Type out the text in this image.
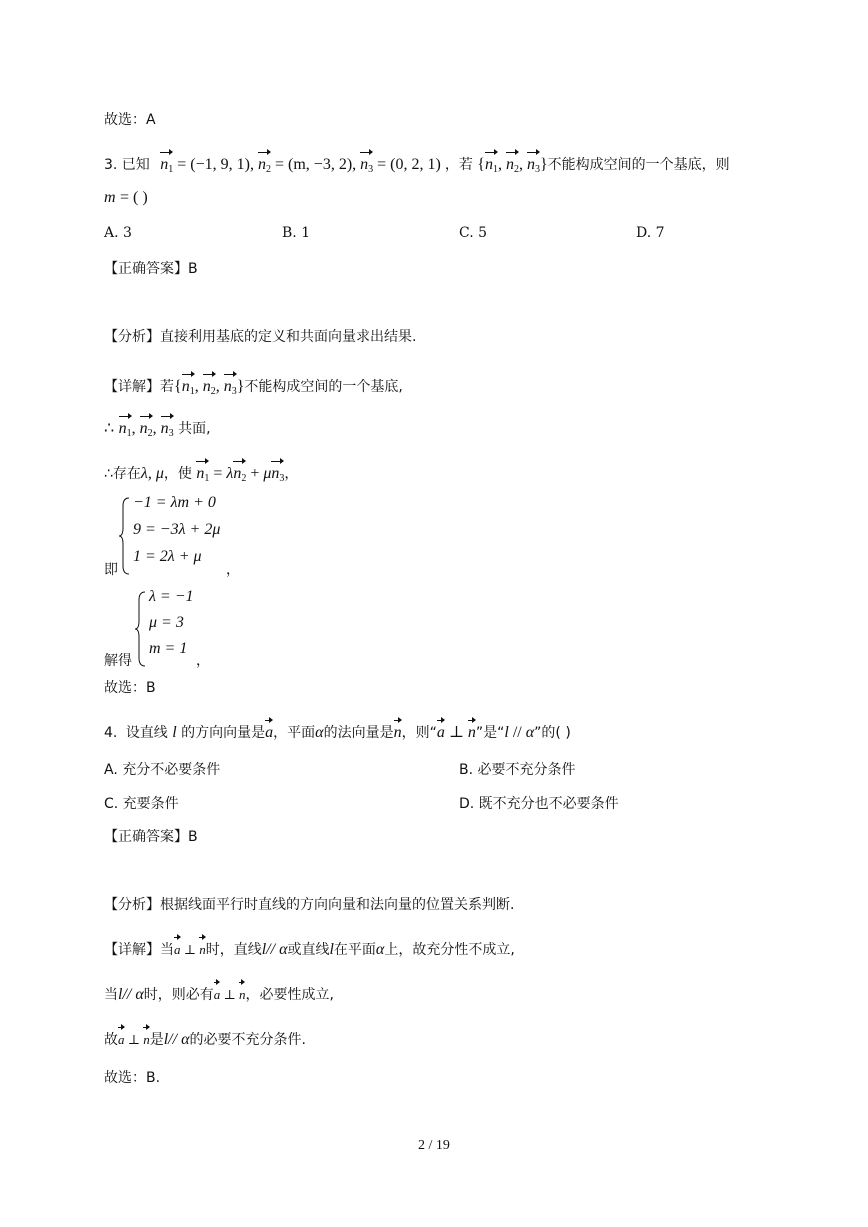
故选：A
3. 已知 $n_1 = (-1$, 9, 1), $n_2 = (m$, −3, 2), $n_3 = (0$, 2, 1) ，若 {$n_1$, $n_2$, $n_3$}不能构成空间的一个基底，则
m = ( )
A. 3	B. 1	C. 5	D. 7
【正确答案】B
【分析】直接利用基底的定义和共面向量求出结果.
【详解】若{$n_1$, $n_2$, $n_3$}不能构成空间的一个基底,
∴ $n_1$, $n_2$, $n_3$ 共面,
∴存在λ, μ，使 $n_1 = \lambda n_2 + \mu n_3$，
−1 = λm + 0
9 = −3λ + 2μ
1 = 2λ + μ
即	，
λ = −1
μ = 3
m = 1
解得	，
故选：B
4. 设直线 l 的方向向量是a，平面α的法向量是n，则“a ⊥ n”是“l // α”的( )
A. 充分不必要条件	B. 必要不充分条件
C. 充要条件	D. 既不充分也不必要条件
【正确答案】B
【分析】根据线面平行时直线的方向向量和法向量的位置关系判断.
【详解】当a ⊥ n时，直线l// α或直线l在平面α上，故充分性不成立,
当l// α时，则必有a ⊥ n，必要性成立,
故a ⊥ n是l// α的必要不充分条件.
故选：B.
2 / 19
